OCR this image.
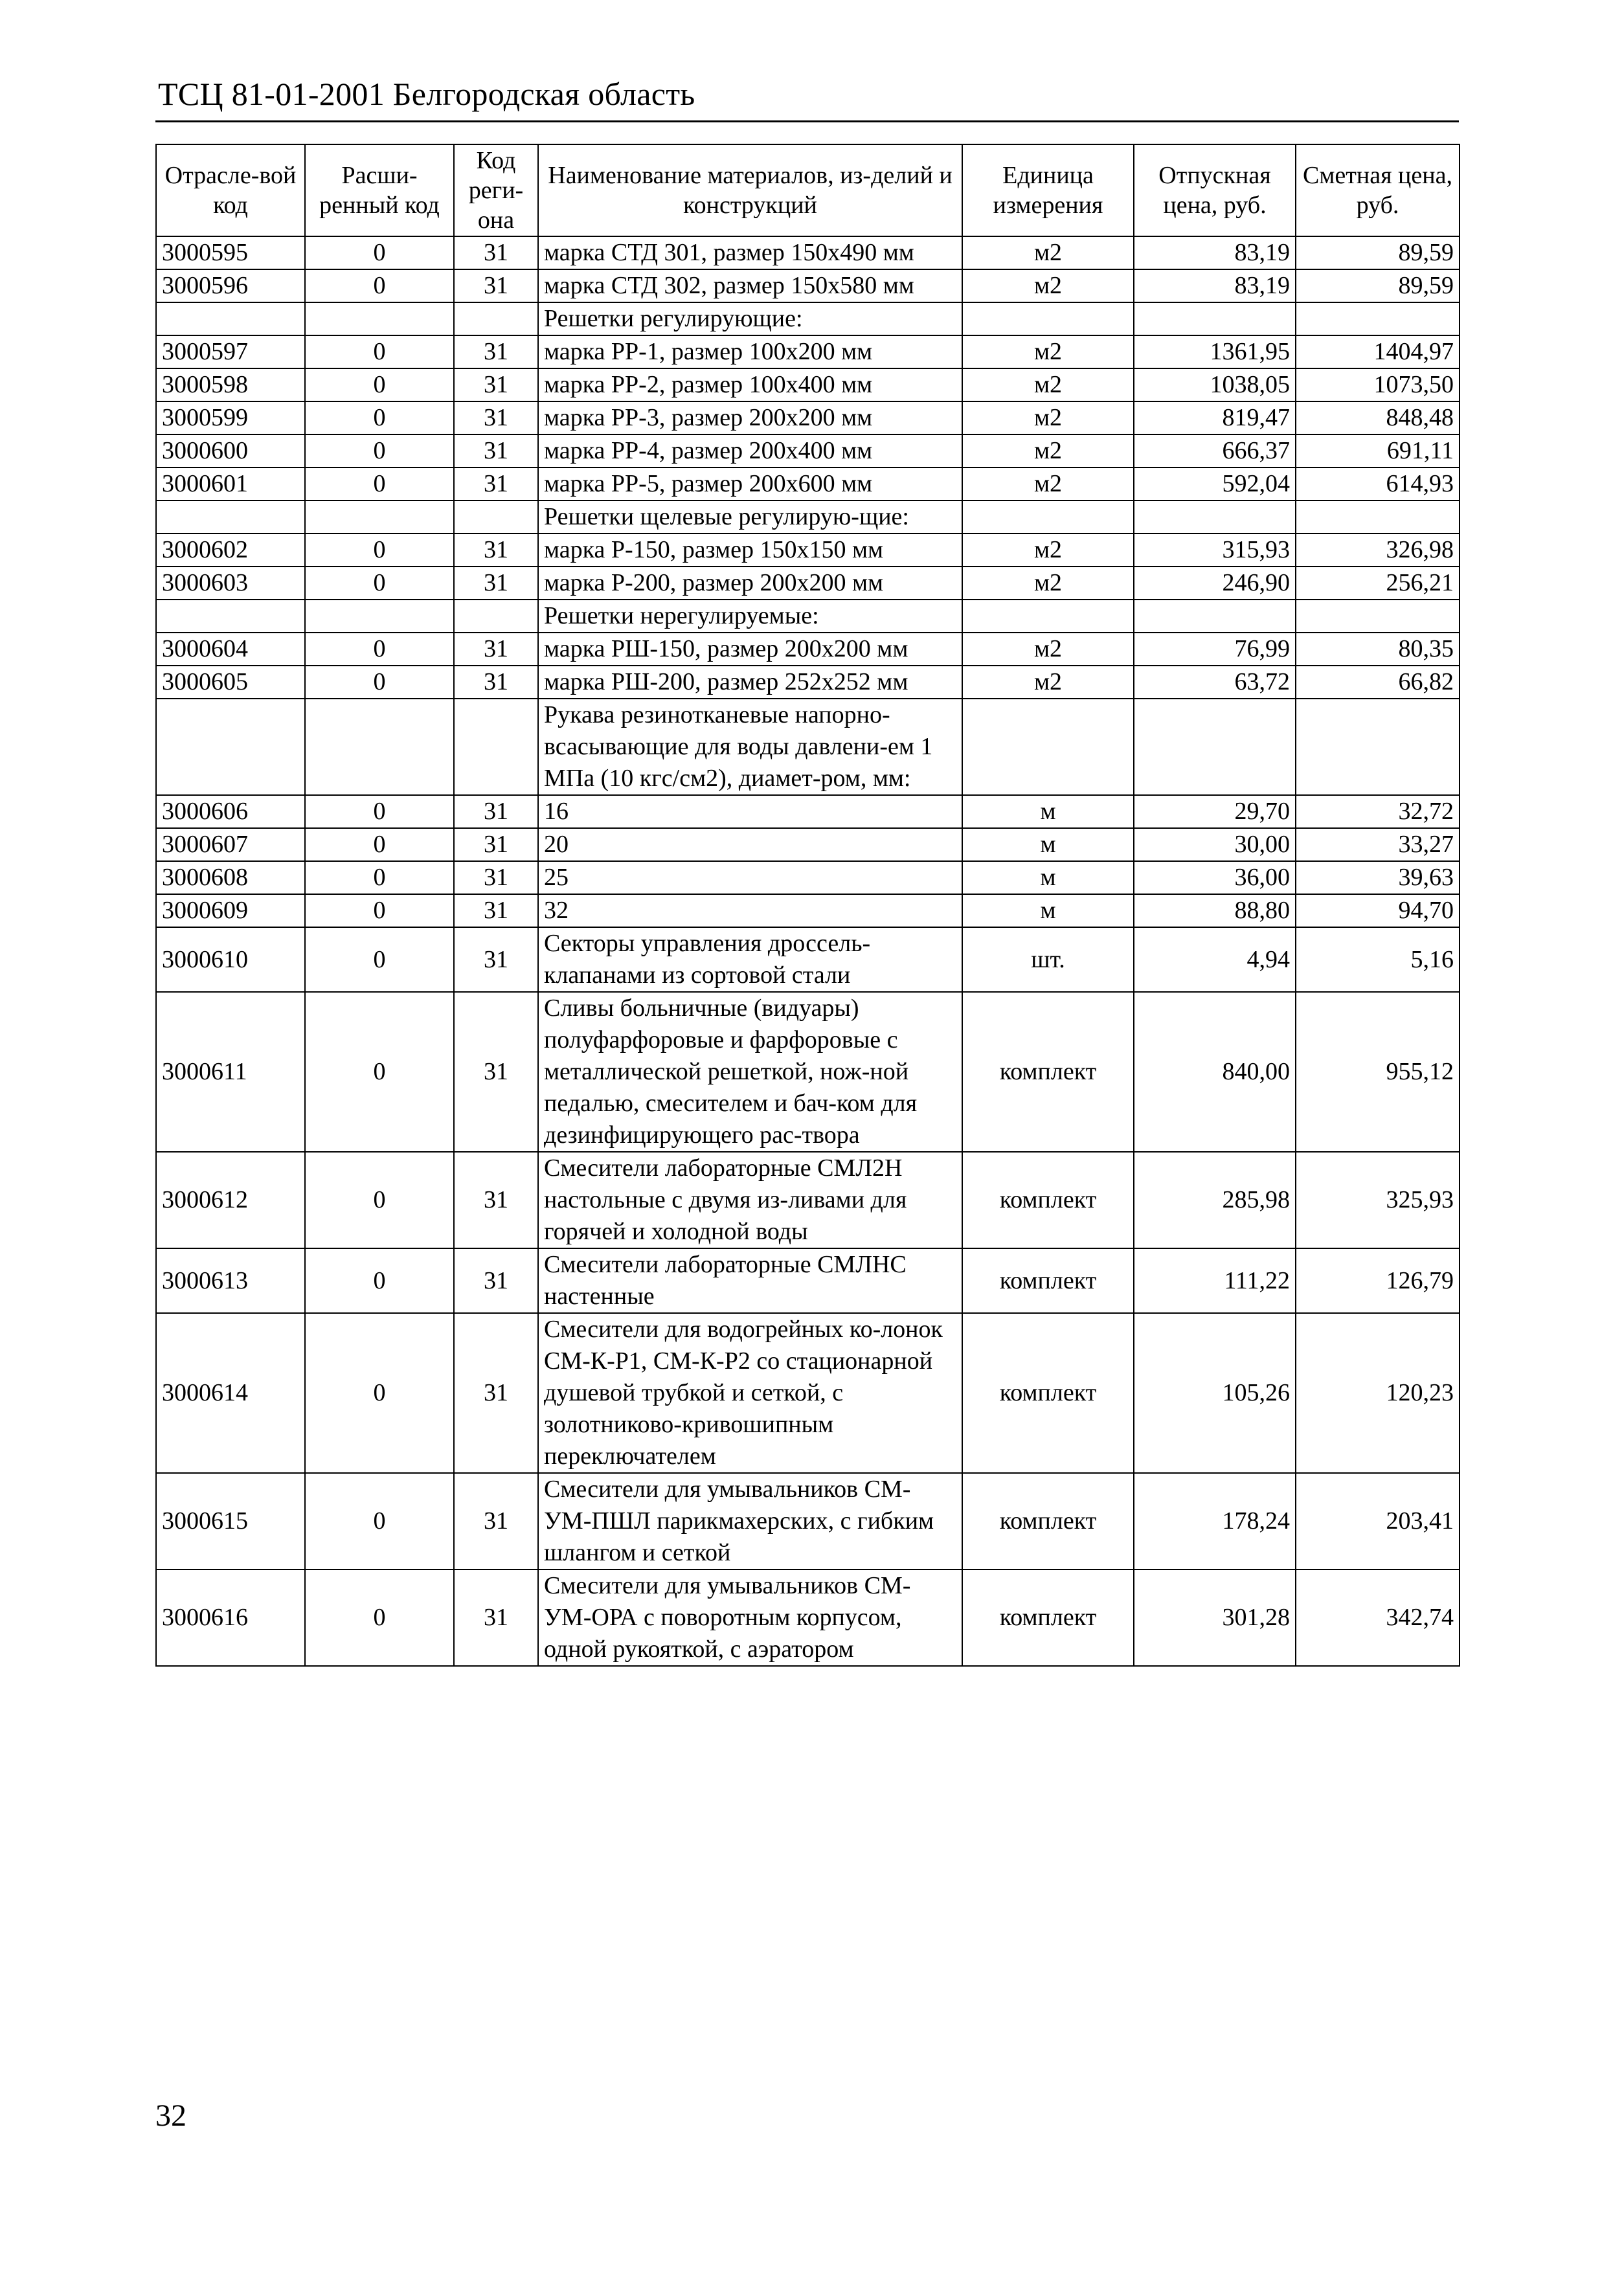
ТСЦ 81-01-2001 Белгородская область
Отрасле-вой код	Расши-ренный код	Код реги-она	Наименование материалов, из-делий и конструкций	Единица измерения	Отпускная цена, руб.	Сметная цена, руб.
3000595	0	31	марка СТД 301, размер 150x490 мм	м2	83,19	89,59
3000596	0	31	марка СТД 302, размер 150x580 мм	м2	83,19	89,59
			Решетки регулирующие:			
3000597	0	31	марка РР-1, размер 100x200 мм	м2	1361,95	1404,97
3000598	0	31	марка РР-2, размер 100x400 мм	м2	1038,05	1073,50
3000599	0	31	марка РР-3, размер 200x200 мм	м2	819,47	848,48
3000600	0	31	марка РР-4, размер 200x400 мм	м2	666,37	691,11
3000601	0	31	марка РР-5, размер 200x600 мм	м2	592,04	614,93
			Решетки щелевые регулирую-щие:			
3000602	0	31	марка Р-150, размер 150x150 мм	м2	315,93	326,98
3000603	0	31	марка Р-200, размер 200x200 мм	м2	246,90	256,21
			Решетки нерегулируемые:			
3000604	0	31	марка РШ-150, размер 200x200 мм	м2	76,99	80,35
3000605	0	31	марка РШ-200, размер 252x252 мм	м2	63,72	66,82
			Рукава резинотканевые напорно-всасывающие для воды давлени-ем 1 МПа (10 кгс/см2), диамет-ром, мм:			
3000606	0	31	16	м	29,70	32,72
3000607	0	31	20	м	30,00	33,27
3000608	0	31	25	м	36,00	39,63
3000609	0	31	32	м	88,80	94,70
3000610	0	31	Секторы управления дроссель-клапанами из сортовой стали	шт.	4,94	5,16
3000611	0	31	Сливы больничные (видуары) полуфарфоровые и фарфоровые с металлической решеткой, нож-ной педалью, смесителем и бач-ком для дезинфицирующего рас-твора	комплект	840,00	955,12
3000612	0	31	Смесители лабораторные СМЛ2Н настольные с двумя из-ливами для горячей и холодной воды	комплект	285,98	325,93
3000613	0	31	Смесители лабораторные СМЛНС настенные	комплект	111,22	126,79
3000614	0	31	Смесители для водогрейных ко-лонок СМ-К-Р1, СМ-К-Р2 со стационарной душевой трубкой и сеткой, с золотниково-кривошипным переключателем	комплект	105,26	120,23
3000615	0	31	Смесители для умывальников СМ-УМ-ПШЛ парикмахерских, с гибким шлангом и сеткой	комплект	178,24	203,41
3000616	0	31	Смесители для умывальников СМ-УМ-ОРА с поворотным корпусом, одной рукояткой, с аэратором	комплект	301,28	342,74
32
